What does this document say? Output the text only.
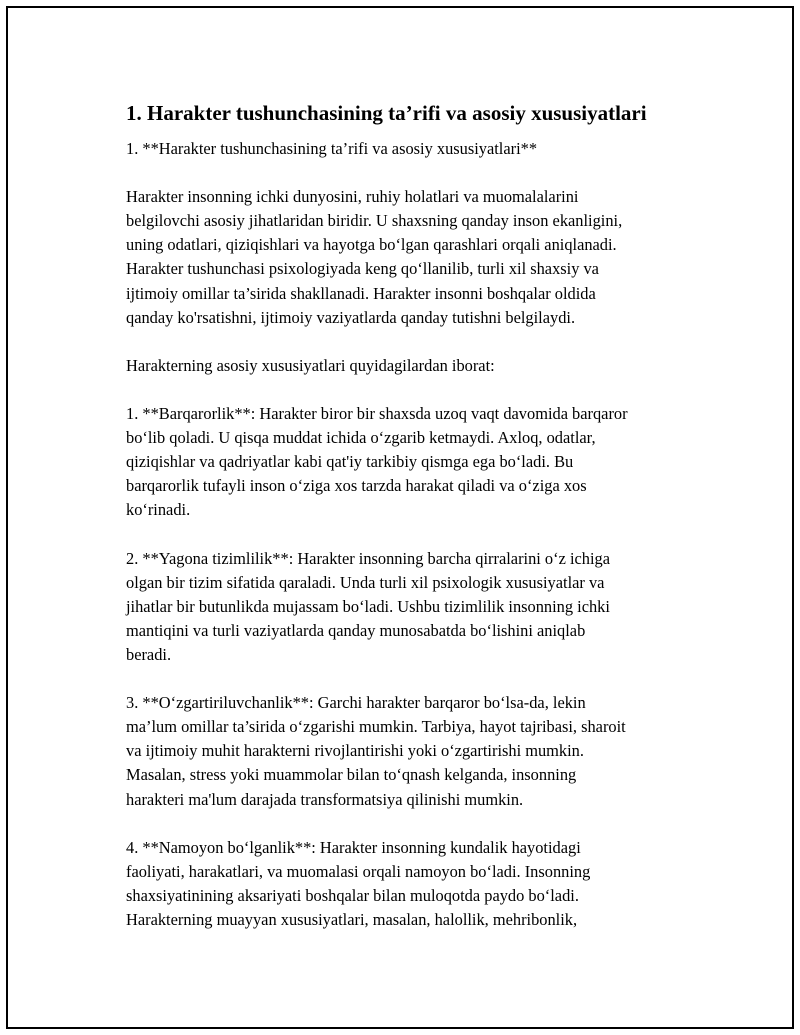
1. Harakter tushunchasining ta’rifi va asosiy xususiyatlari

1. **Harakter tushunchasining ta’rifi va asosiy xususiyatlari**

Harakter insonning ichki dunyosini, ruhiy holatlari va muomalalarini
belgilovchi asosiy jihatlaridan biridir. U shaxsning qanday inson ekanligini,
uning odatlari, qiziqishlari va hayotga bo‘lgan qarashlari orqali aniqlanadi.
Harakter tushunchasi psixologiyada keng qo‘llanilib, turli xil shaxsiy va
ijtimoiy omillar ta’sirida shakllanadi. Harakter insonni boshqalar oldida
qanday ko'rsatishni, ijtimoiy vaziyatlarda qanday tutishni belgilaydi.

Harakterning asosiy xususiyatlari quyidagilardan iborat:

1. **Barqarorlik**: Harakter biror bir shaxsda uzoq vaqt davomida barqaror
bo‘lib qoladi. U qisqa muddat ichida o‘zgarib ketmaydi. Axloq, odatlar,
qiziqishlar va qadriyatlar kabi qat'iy tarkibiy qismga ega bo‘ladi. Bu
barqarorlik tufayli inson o‘ziga xos tarzda harakat qiladi va o‘ziga xos
ko‘rinadi.

2. **Yagona tizimlilik**: Harakter insonning barcha qirralarini o‘z ichiga
olgan bir tizim sifatida qaraladi. Unda turli xil psixologik xususiyatlar va
jihatlar bir butunlikda mujassam bo‘ladi. Ushbu tizimlilik insonning ichki
mantiqini va turli vaziyatlarda qanday munosabatda bo‘lishini aniqlab
beradi.

3. **O‘zgartiriluvchanlik**: Garchi harakter barqaror bo‘lsa-da, lekin
ma’lum omillar ta’sirida o‘zgarishi mumkin. Tarbiya, hayot tajribasi, sharoit
va ijtimoiy muhit harakterni rivojlantirishi yoki o‘zgartirishi mumkin.
Masalan, stress yoki muammolar bilan to‘qnash kelganda, insonning
harakteri ma'lum darajada transformatsiya qilinishi mumkin.

4. **Namoyon bo‘lganlik**: Harakter insonning kundalik hayotidagi
faoliyati, harakatlari, va muomalasi orqali namoyon bo‘ladi. Insonning
shaxsiyatinining aksariyati boshqalar bilan muloqotda paydo bo‘ladi.
Harakterning muayyan xususiyatlari, masalan, halollik, mehribonlik,
